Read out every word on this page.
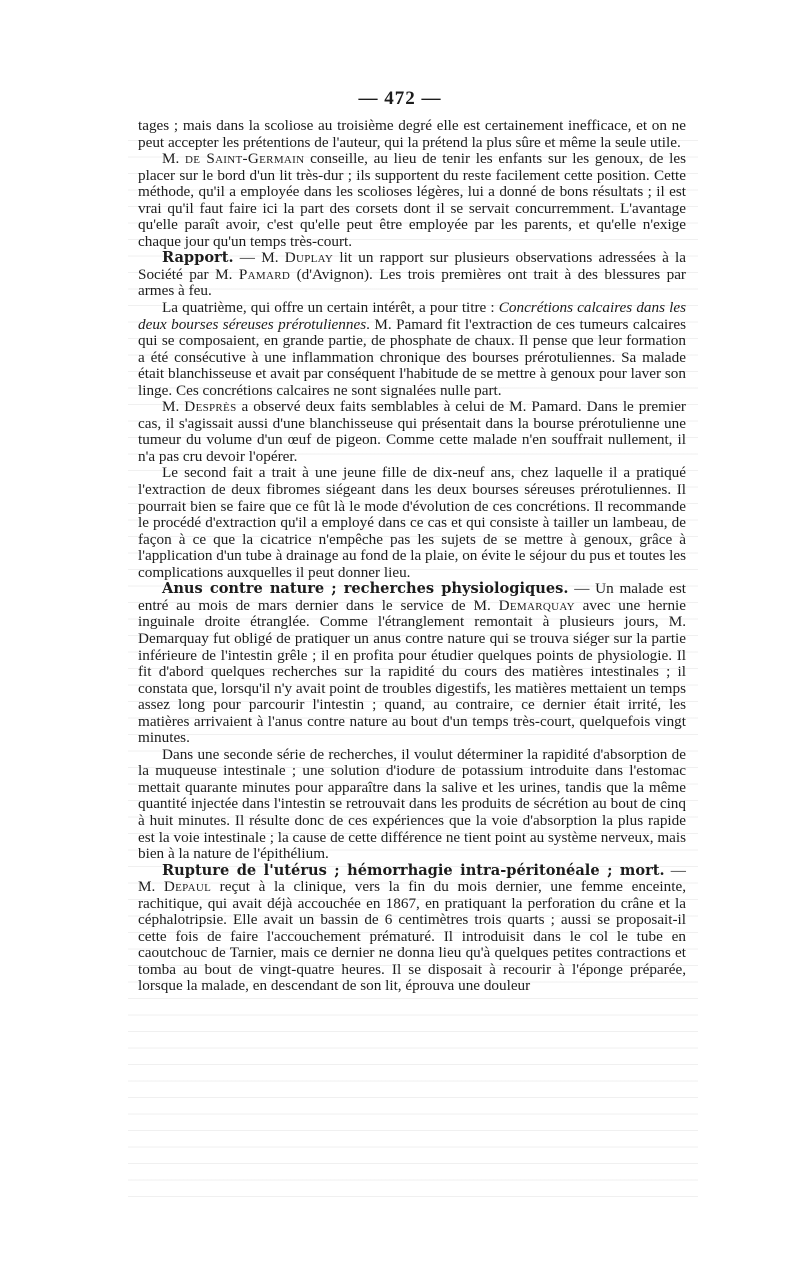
— 472 —

tages ; mais dans la scoliose au troisième degré elle est certainement inefficace, et on ne peut accepter les prétentions de l'auteur, qui la prétend la plus sûre et même la seule utile.

M. de Saint-Germain conseille, au lieu de tenir les enfants sur les genoux, de les placer sur le bord d'un lit très-dur ; ils supportent du reste facilement cette position. Cette méthode, qu'il a employée dans les scolioses légères, lui a donné de bons résultats ; il est vrai qu'il faut faire ici la part des corsets dont il se servait concurremment. L'avantage qu'elle paraît avoir, c'est qu'elle peut être employée par les parents, et qu'elle n'exige chaque jour qu'un temps très-court.

Rapport. — M. Duplay lit un rapport sur plusieurs observations adressées à la Société par M. Pamard (d'Avignon). Les trois premières ont trait à des blessures par armes à feu.

La quatrième, qui offre un certain intérêt, a pour titre : Concrétions calcaires dans les deux bourses séreuses prérotuliennes. M. Pamard fit l'extraction de ces tumeurs calcaires qui se composaient, en grande partie, de phosphate de chaux. Il pense que leur formation a été consécutive à une inflammation chronique des bourses prérotuliennes. Sa malade était blanchisseuse et avait par conséquent l'habitude de se mettre à genoux pour laver son linge. Ces concrétions calcaires ne sont signalées nulle part.

M. Desprès a observé deux faits semblables à celui de M. Pamard. Dans le premier cas, il s'agissait aussi d'une blanchisseuse qui présentait dans la bourse prérotulienne une tumeur du volume d'un œuf de pigeon. Comme cette malade n'en souffrait nullement, il n'a pas cru devoir l'opérer.

Le second fait a trait à une jeune fille de dix-neuf ans, chez laquelle il a pratiqué l'extraction de deux fibromes siégeant dans les deux bourses séreuses prérotuliennes. Il pourrait bien se faire que ce fût là le mode d'évolution de ces concrétions. Il recommande le procédé d'extraction qu'il a employé dans ce cas et qui consiste à tailler un lambeau, de façon à ce que la cicatrice n'empêche pas les sujets de se mettre à genoux, grâce à l'application d'un tube à drainage au fond de la plaie, on évite le séjour du pus et toutes les complications auxquelles il peut donner lieu.

Anus contre nature ; recherches physiologiques. — Un malade est entré au mois de mars dernier dans le service de M. Demarquay avec une hernie inguinale droite étranglée. Comme l'étranglement remontait à plusieurs jours, M. Demarquay fut obligé de pratiquer un anus contre nature qui se trouva siéger sur la partie inférieure de l'intestin grêle ; il en profita pour étudier quelques points de physiologie. Il fit d'abord quelques recherches sur la rapidité du cours des matières intestinales ; il constata que, lorsqu'il n'y avait point de troubles digestifs, les matières mettaient un temps assez long pour parcourir l'intestin ; quand, au contraire, ce dernier était irrité, les matières arrivaient à l'anus contre nature au bout d'un temps très-court, quelquefois vingt minutes.

Dans une seconde série de recherches, il voulut déterminer la rapidité d'absorption de la muqueuse intestinale ; une solution d'iodure de potassium introduite dans l'estomac mettait quarante minutes pour apparaître dans la salive et les urines, tandis que la même quantité injectée dans l'intestin se retrouvait dans les produits de sécrétion au bout de cinq à huit minutes. Il résulte donc de ces expériences que la voie d'absorption la plus rapide est la voie intestinale ; la cause de cette différence ne tient point au système nerveux, mais bien à la nature de l'épithélium.

Rupture de l'utérus ; hémorrhagie intra-péritonéale ; mort. — M. Depaul reçut à la clinique, vers la fin du mois dernier, une femme enceinte, rachitique, qui avait déjà accouchée en 1867, en pratiquant la perforation du crâne et la céphalotripsie. Elle avait un bassin de 6 centimètres trois quarts ; aussi se proposait-il cette fois de faire l'accouchement prématuré. Il introduisit dans le col le tube en caoutchouc de Tarnier, mais ce dernier ne donna lieu qu'à quelques petites contractions et tomba au bout de vingt-quatre heures. Il se disposait à recourir à l'éponge préparée, lorsque la malade, en descendant de son lit, éprouva une douleur
